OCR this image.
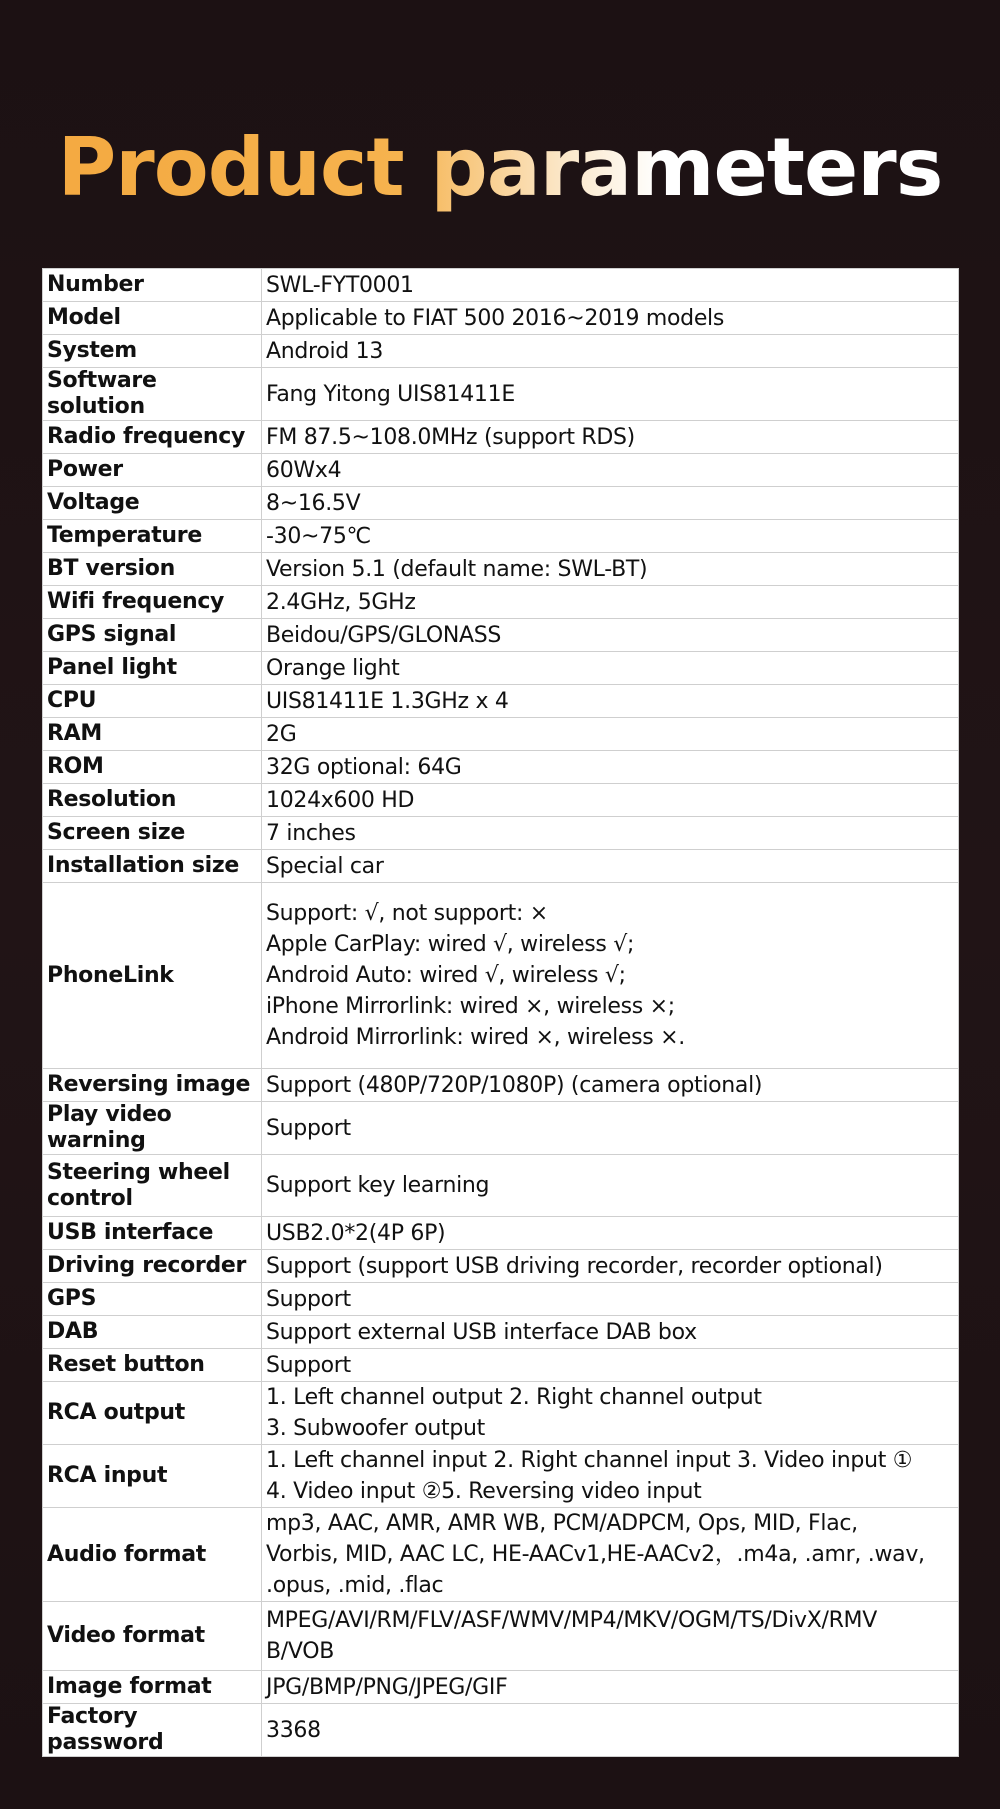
Product parameters
Number	SWL-FYT0001

Model	Applicable to FIAT 500 2016~2019 models

System	Android 13

Software solution	Fang Yitong UIS81411E

Radio frequency	FM 87.5~108.0MHz (support RDS)

Power	60Wx4

Voltage	8~16.5V

Temperature	-30~75℃

BT version	Version 5.1 (default name: SWL-BT)

Wifi frequency	2.4GHz, 5GHz

GPS signal	Beidou/GPS/GLONASS

Panel light	Orange light

CPU	UIS81411E 1.3GHz x 4

RAM	2G

ROM	32G optional: 64G

Resolution	1024x600 HD

Screen size	7 inches

Installation size	Special car

PhoneLink	Support: √, not support: ×
Apple CarPlay: wired √, wireless √;
Android Auto: wired √, wireless √;
iPhone Mirrorlink: wired ×, wireless ×;
Android Mirrorlink: wired ×, wireless ×.

Reversing image	Support (480P/720P/1080P) (camera optional)

Play video warning	Support

Steering wheel control	Support key learning

USB interface	USB2.0*2(4P 6P)

Driving recorder	Support (support USB driving recorder, recorder optional)

GPS	Support

DAB	Support external USB interface DAB box

Reset button	Support

RCA output	1. Left channel output 2. Right channel output
3. Subwoofer output

RCA input	1. Left channel input 2. Right channel input 3. Video input ①
4. Video input ②5. Reversing video input

Audio format	mp3, AAC, AMR, AMR WB, PCM/ADPCM, Ops, MID, Flac,
Vorbis, MID, AAC LC, HE-AACv1,HE-AACv2，.m4a, .amr, .wav,
.opus, .mid, .flac

Video format	MPEG/AVI/RM/FLV/ASF/WMV/MP4/MKV/OGM/TS/DivX/RMV
B/VOB

Image format	JPG/BMP/PNG/JPEG/GIF

Factory password	3368
